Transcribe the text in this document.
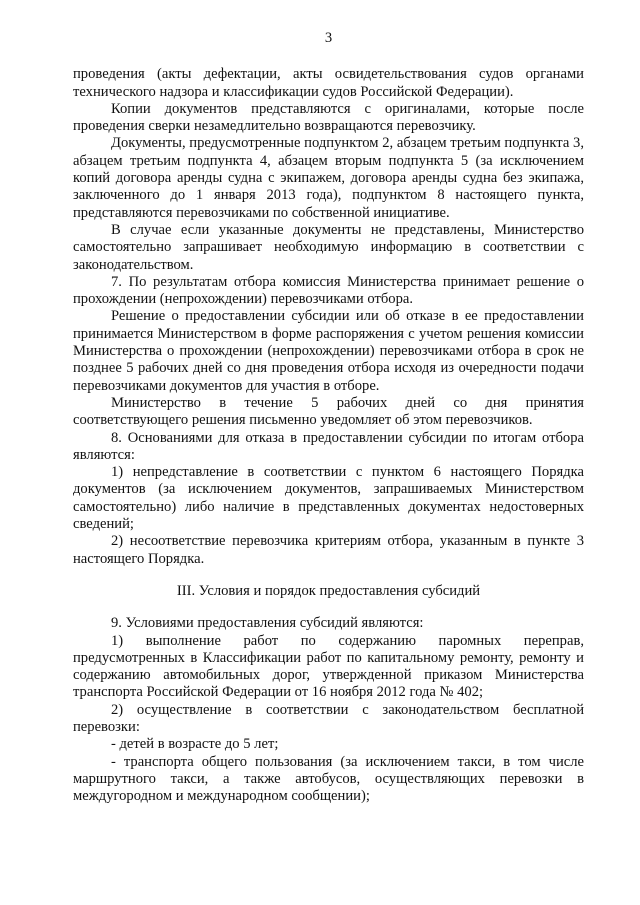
3

проведения (акты дефектации, акты освидетельствования судов органами технического надзора и классификации судов Российской Федерации).

Копии документов представляются с оригиналами, которые после проведения сверки незамедлительно возвращаются перевозчику.

Документы, предусмотренные подпунктом 2, абзацем третьим подпункта 3, абзацем третьим подпункта 4, абзацем вторым подпункта 5 (за исключением копий договора аренды судна с экипажем, договора аренды судна без экипажа, заключенного до 1 января 2013 года), подпунктом 8 настоящего пункта, представляются перевозчиками по собственной инициативе.

В случае если указанные документы не представлены, Министерство самостоятельно запрашивает необходимую информацию в соответствии с законодательством.

7. По результатам отбора комиссия Министерства принимает решение о прохождении (непрохождении) перевозчиками отбора.

Решение о предоставлении субсидии или об отказе в ее предоставлении принимается Министерством в форме распоряжения с учетом решения комиссии Министерства о прохождении (непрохождении) перевозчиками отбора в срок не позднее 5 рабочих дней со дня проведения отбора исходя из очередности подачи перевозчиками документов для участия в отборе.

Министерство в течение 5 рабочих дней со дня принятия соответствующего решения письменно уведомляет об этом перевозчиков.

8. Основаниями для отказа в предоставлении субсидии по итогам отбора являются:

1) непредставление в соответствии с пунктом 6 настоящего Порядка документов (за исключением документов, запрашиваемых Министерством самостоятельно) либо наличие в представленных документах недостоверных сведений;

2) несоответствие перевозчика критериям отбора, указанным в пункте 3 настоящего Порядка.

III. Условия и порядок предоставления субсидий

9. Условиями предоставления субсидий являются:

1) выполнение работ по содержанию паромных переправ, предусмотренных в Классификации работ по капитальному ремонту, ремонту и содержанию автомобильных дорог, утвержденной приказом Министерства транспорта Российской Федерации от 16 ноября 2012 года № 402;

2) осуществление в соответствии с законодательством бесплатной перевозки:

- детей в возрасте до 5 лет;

- транспорта общего пользования (за исключением такси, в том числе маршрутного такси, а также автобусов, осуществляющих перевозки в междугородном и международном сообщении);
